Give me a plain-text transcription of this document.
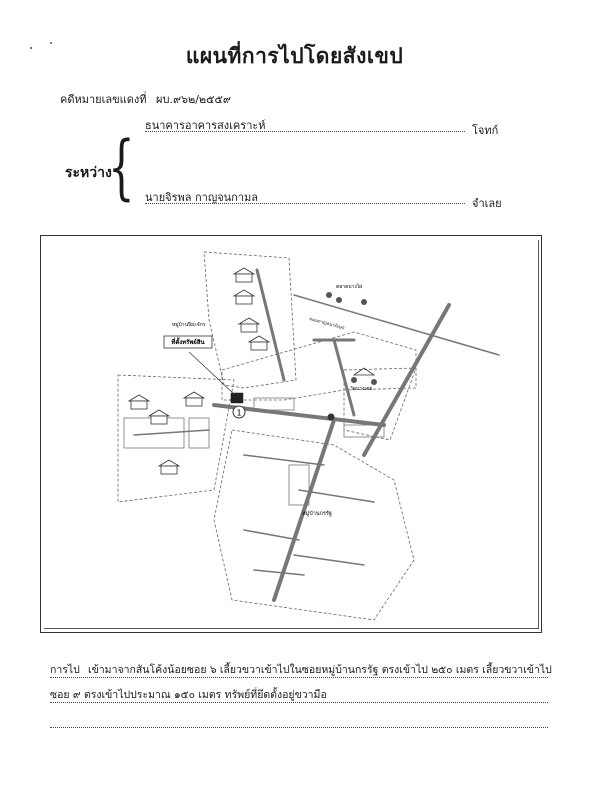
แผนที่การไปโดยสังเขป
คดีหมายเลขแดงที่ ผบ.๙๖๒/๒๕๕๙
ธนาคารอาคารสงเคราะห์	โจทก์
ระหว่าง
{ นายจิรพล กาญจนกามล	จำเลย
1
ที่ตั้งทรัพย์สิน
หมู่บ้านปิยะจักร
ตลาดบางไผ่
ถนนกาญจนาภิเษก
วัดบางเตย
หมู่บ้านกรรัฐ
การไป เข้ามาจากสันโค้งน้อยซอย ๖ เลี้ยวขวาเข้าไปในซอยหมู่บ้านกรรัฐ ตรงเข้าไป ๒๕๐ เมตร เลี้ยวขวาเข้าไป
ซอย ๙ ตรงเข้าไปประมาณ ๑๕๐ เมตร ทรัพย์ที่ยึดตั้งอยู่ขวามือ
